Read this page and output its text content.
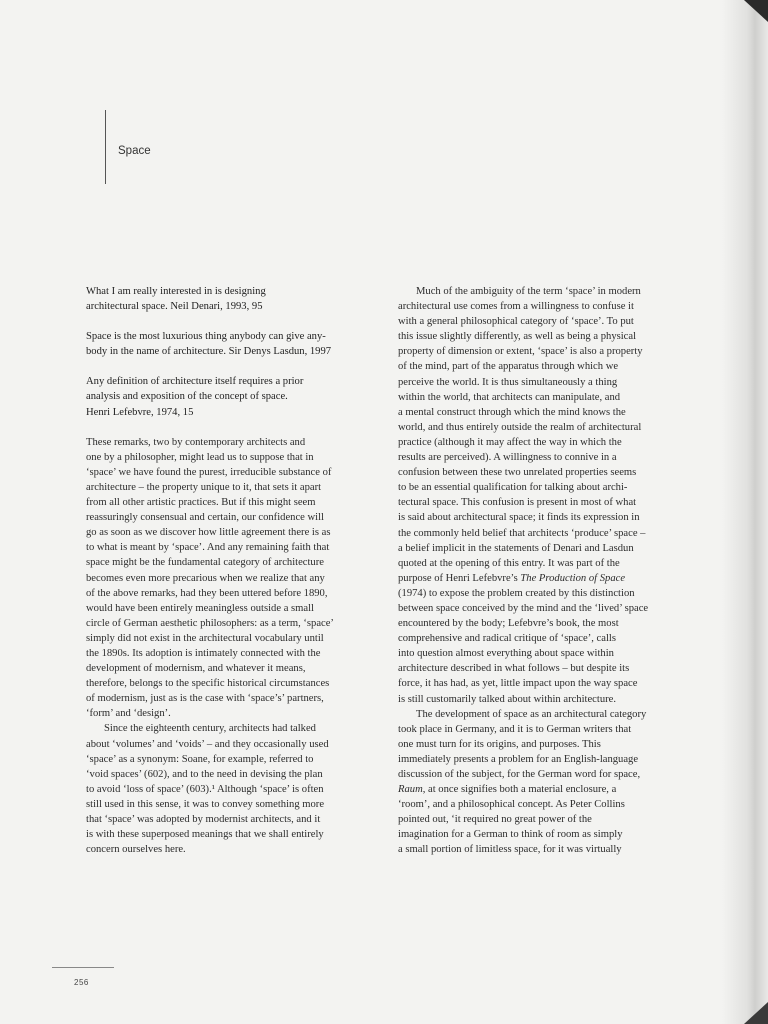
Space

What I am really interested in is designing
architectural space. Neil Denari, 1993, 95

Space is the most luxurious thing anybody can give any-
body in the name of architecture. Sir Denys Lasdun, 1997

Any definition of architecture itself requires a prior
analysis and exposition of the concept of space.
Henri Lefebvre, 1974, 15

These remarks, two by contemporary architects and
one by a philosopher, might lead us to suppose that in
‘space’ we have found the purest, irreducible substance of
architecture – the property unique to it, that sets it apart
from all other artistic practices. But if this might seem
reassuringly consensual and certain, our confidence will
go as soon as we discover how little agreement there is as
to what is meant by ‘space’. And any remaining faith that
space might be the fundamental category of architecture
becomes even more precarious when we realize that any
of the above remarks, had they been uttered before 1890,
would have been entirely meaningless outside a small
circle of German aesthetic philosophers: as a term, ‘space’
simply did not exist in the architectural vocabulary until
the 1890s. Its adoption is intimately connected with the
development of modernism, and whatever it means,
therefore, belongs to the specific historical circumstances
of modernism, just as is the case with ‘space’s’ partners,
‘form’ and ‘design’.

Since the eighteenth century, architects had talked
about ‘volumes’ and ‘voids’ – and they occasionally used
‘space’ as a synonym: Soane, for example, referred to
‘void spaces’ (602), and to the need in devising the plan
to avoid ‘loss of space’ (603).¹ Although ‘space’ is often
still used in this sense, it was to convey something more
that ‘space’ was adopted by modernist architects, and it
is with these superposed meanings that we shall entirely
concern ourselves here.

Much of the ambiguity of the term ‘space’ in modern
architectural use comes from a willingness to confuse it
with a general philosophical category of ‘space’. To put
this issue slightly differently, as well as being a physical
property of dimension or extent, ‘space’ is also a property
of the mind, part of the apparatus through which we
perceive the world. It is thus simultaneously a thing
within the world, that architects can manipulate, and
a mental construct through which the mind knows the
world, and thus entirely outside the realm of architectural
practice (although it may affect the way in which the
results are perceived). A willingness to connive in a
confusion between these two unrelated properties seems
to be an essential qualification for talking about archi-
tectural space. This confusion is present in most of what
is said about architectural space; it finds its expression in
the commonly held belief that architects ‘produce’ space –
a belief implicit in the statements of Denari and Lasdun
quoted at the opening of this entry. It was part of the

purpose of Henri Lefebvre’s The Production of Space

(1974) to expose the problem created by this distinction
between space conceived by the mind and the ‘lived’ space
encountered by the body; Lefebvre’s book, the most
comprehensive and radical critique of ‘space’, calls
into question almost everything about space within
architecture described in what follows – but despite its
force, it has had, as yet, little impact upon the way space
is still customarily talked about within architecture.

The development of space as an architectural category
took place in Germany, and it is to German writers that
one must turn for its origins, and purposes. This
immediately presents a problem for an English-language
discussion of the subject, for the German word for space,

Raum, at once signifies both a material enclosure, a

‘room’, and a philosophical concept. As Peter Collins
pointed out, ‘it required no great power of the
imagination for a German to think of room as simply
a small portion of limitless space, for it was virtually

256
